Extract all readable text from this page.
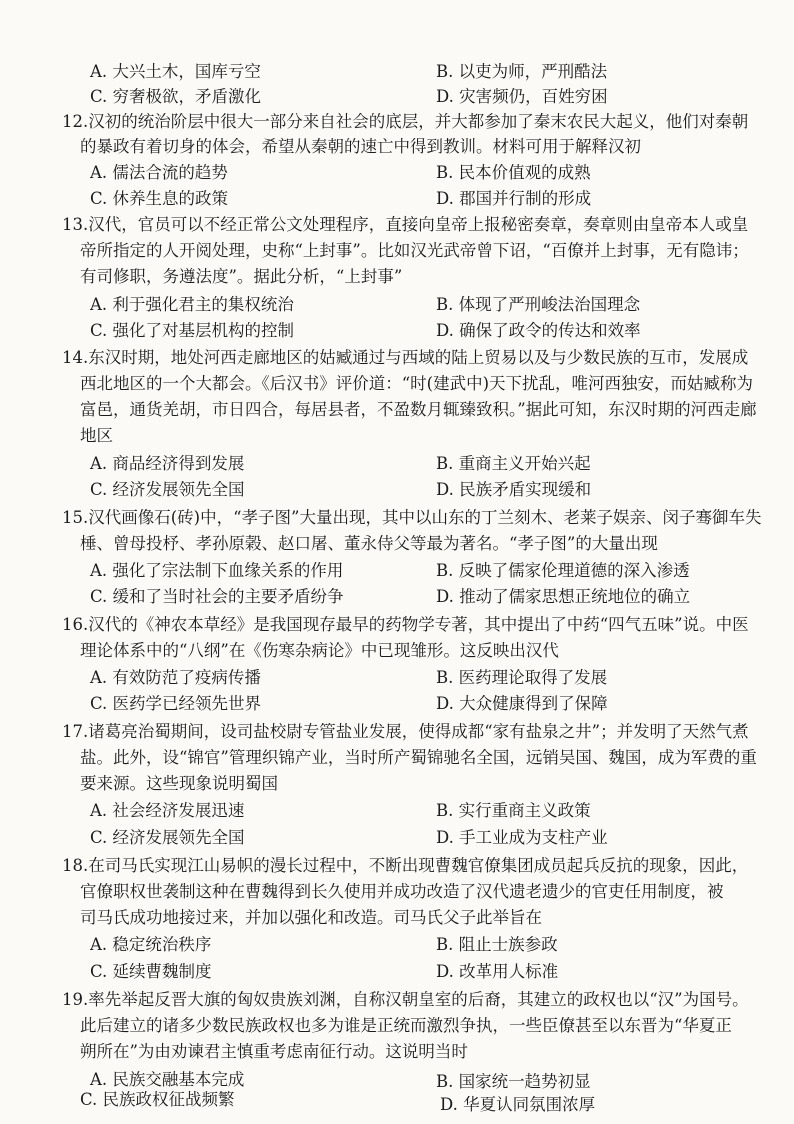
A. 大兴土木，国库亏空	B. 以吏为师，严刑酷法
C. 穷奢极欲，矛盾激化	D. 灾害频仍，百姓穷困
12.汉初的统治阶层中很大一部分来自社会的底层，并大都参加了秦末农民大起义，他们对秦朝
的暴政有着切身的体会，希望从秦朝的速亡中得到教训。材料可用于解释汉初
A. 儒法合流的趋势	B. 民本价值观的成熟
C. 休养生息的政策	D. 郡国并行制的形成
13.汉代，官员可以不经正常公文处理程序，直接向皇帝上报秘密奏章，奏章则由皇帝本人或皇
帝所指定的人开阅处理，史称“上封事”。比如汉光武帝曾下诏，“百僚并上封事，无有隐讳；
有司修职，务遵法度”。据此分析，“上封事”
A. 利于强化君主的集权统治	B. 体现了严刑峻法治国理念
C. 强化了对基层机构的控制	D. 确保了政令的传达和效率
14.东汉时期，地处河西走廊地区的姑臧通过与西域的陆上贸易以及与少数民族的互市，发展成
西北地区的一个大都会。《后汉书》评价道：“时(建武中)天下扰乱，唯河西独安，而姑臧称为
富邑，通货羌胡，市日四合，每居县者，不盈数月辄臻致积。”据此可知，东汉时期的河西走廊
地区
A. 商品经济得到发展	B. 重商主义开始兴起
C. 经济发展领先全国	D. 民族矛盾实现缓和
15.汉代画像石(砖)中，“孝子图”大量出现，其中以山东的丁兰刻木、老莱子娱亲、闵子骞御车失
棰、曾母投杼、孝孙原榖、赵口屠、董永侍父等最为著名。“孝子图”的大量出现
A. 强化了宗法制下血缘关系的作用	B. 反映了儒家伦理道德的深入渗透
C. 缓和了当时社会的主要矛盾纷争	D. 推动了儒家思想正统地位的确立
16.汉代的《神农本草经》是我国现存最早的药物学专著，其中提出了中药“四气五味”说。中医
理论体系中的“八纲”在《伤寒杂病论》中已现雏形。这反映出汉代
A. 有效防范了疫病传播	B. 医药理论取得了发展
C. 医药学已经领先世界	D. 大众健康得到了保障
17.诸葛亮治蜀期间，设司盐校尉专管盐业发展，使得成都“家有盐泉之井”；并发明了天然气煮
盐。此外，设“锦官”管理织锦产业，当时所产蜀锦驰名全国，远销吴国、魏国，成为军费的重
要来源。这些现象说明蜀国
A. 社会经济发展迅速	B. 实行重商主义政策
C. 经济发展领先全国	D. 手工业成为支柱产业
18.在司马氏实现江山易帜的漫长过程中，不断出现曹魏官僚集团成员起兵反抗的现象，因此，
官僚职权世袭制这种在曹魏得到长久使用并成功改造了汉代遗老遗少的官吏任用制度，被
司马氏成功地接过来，并加以强化和改造。司马氏父子此举旨在
A. 稳定统治秩序	B. 阻止士族参政
C. 延续曹魏制度	D. 改革用人标准
19.率先举起反晋大旗的匈奴贵族刘渊，自称汉朝皇室的后裔，其建立的政权也以“汉”为国号。
此后建立的诸多少数民族政权也多为谁是正统而激烈争执，一些臣僚甚至以东晋为“华夏正
朔所在”为由劝谏君主慎重考虑南征行动。这说明当时
A. 民族交融基本完成	B. 国家统一趋势初显
C. 民族政权征战频繁	D. 华夏认同氛围浓厚
